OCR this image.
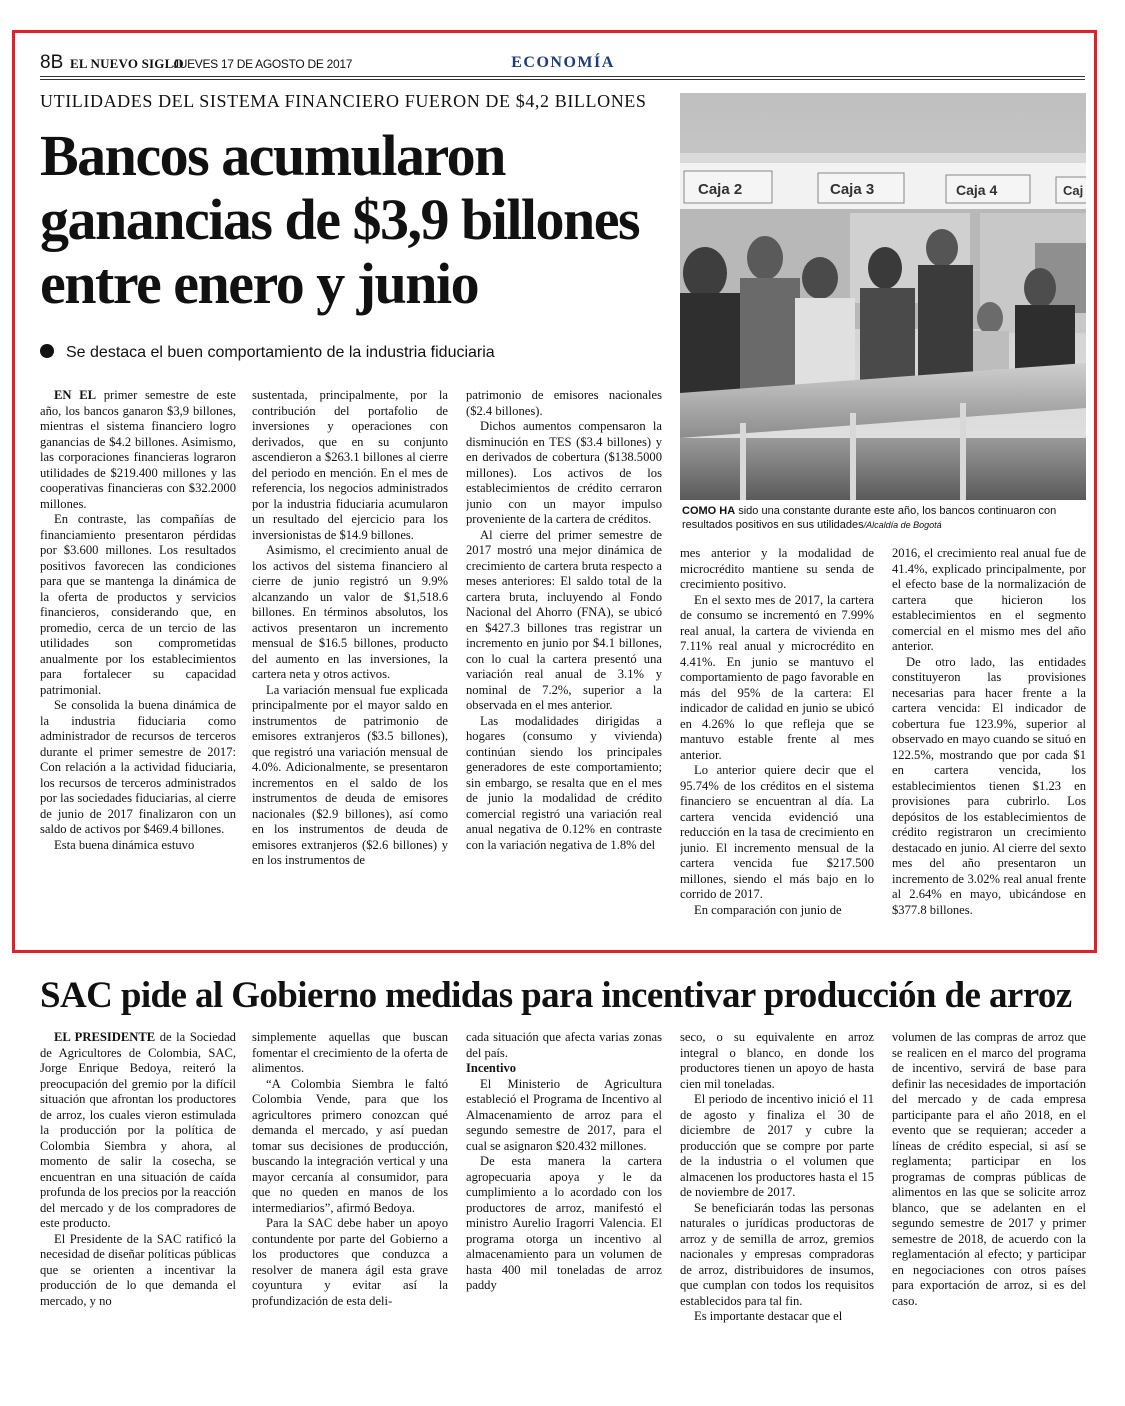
8B EL NUEVO SIGLO
JUEVES 17 DE AGOSTO DE 2017	ECONOMÍA
UTILIDADES DEL SISTEMA FINANCIERO FUERON DE $4,2 BILLONES
Bancos acumularon ganancias de $3,9 billones entre enero y junio
Se destaca el buen comportamiento de la industria fiduciaria
Caja 2	Caja 3	Caja 4	Caj
COMO HA sido una constante durante este año, los bancos continuaron con resultados positivos en sus utilidades/Alcaldía de Bogotá

EN EL primer semestre de este año, los bancos ganaron $3,9 billones, mientras el sistema financiero logro ganancias de $4.2 billones. Asimismo, las corporaciones financieras lograron utilidades de $219.400 millones y las cooperativas financieras con $32.2000 millones.

En contraste, las compañías de financiamiento presentaron pérdidas por $3.600 millones. Los resultados positivos favorecen las condiciones para que se mantenga la dinámica de la oferta de productos y servicios financieros, considerando que, en promedio, cerca de un tercio de las utilidades son comprometidas anualmente por los establecimientos para fortalecer su capacidad patrimonial.

Se consolida la buena dinámica de la industria fiduciaria como administrador de recursos de terceros durante el primer semestre de 2017: Con relación a la actividad fiduciaria, los recursos de terceros administrados por las sociedades fiduciarias, al cierre de junio de 2017 finalizaron con un saldo de activos por $469.4 billones.

Esta buena dinámica estuvo

sustentada, principalmente, por la contribución del portafolio de inversiones y operaciones con derivados, que en su conjunto ascendieron a $263.1 billones al cierre del periodo en mención. En el mes de referencia, los negocios administrados por la industria fiduciaria acumularon un resultado del ejercicio para los inversionistas de $14.9 billones.

Asimismo, el crecimiento anual de los activos del sistema financiero al cierre de junio registró un 9.9% alcanzando un valor de $1,518.6 billones. En términos absolutos, los activos presentaron un incremento mensual de $16.5 billones, producto del aumento en las inversiones, la cartera neta y otros activos.

La variación mensual fue explicada principalmente por el mayor saldo en instrumentos de patrimonio de emisores extranjeros ($3.5 billones), que registró una variación mensual de 4.0%. Adicionalmente, se presentaron incrementos en el saldo de los instrumentos de deuda de emisores nacionales ($2.9 billones), así como en los instrumentos de deuda de emisores extranjeros ($2.6 billones) y en los instrumentos de

patrimonio de emisores nacionales ($2.4 billones).

Dichos aumentos compensaron la disminución en TES ($3.4 billones) y en derivados de cobertura ($138.5000 millones). Los activos de los establecimientos de crédito cerraron junio con un mayor impulso proveniente de la cartera de créditos.

Al cierre del primer semestre de 2017 mostró una mejor dinámica de crecimiento de cartera bruta respecto a meses anteriores: El saldo total de la cartera bruta, incluyendo al Fondo Nacional del Ahorro (FNA), se ubicó en $427.3 billones tras registrar un incremento en junio por $4.1 billones, con lo cual la cartera presentó una variación real anual de 3.1% y nominal de 7.2%, superior a la observada en el mes anterior.

Las modalidades dirigidas a hogares (consumo y vivienda) continúan siendo los principales generadores de este comportamiento; sin embargo, se resalta que en el mes de junio la modalidad de crédito comercial registró una variación real anual negativa de 0.12% en contraste con la variación negativa de 1.8% del

mes anterior y la modalidad de microcrédito mantiene su senda de crecimiento positivo.

En el sexto mes de 2017, la cartera de consumo se incrementó en 7.99% real anual, la cartera de vivienda en 7.11% real anual y microcrédito en 4.41%. En junio se mantuvo el comportamiento de pago favorable en más del 95% de la cartera: El indicador de calidad en junio se ubicó en 4.26% lo que refleja que se mantuvo estable frente al mes anterior.

Lo anterior quiere decir que el 95.74% de los créditos en el sistema financiero se encuentran al día. La cartera vencida evidenció una reducción en la tasa de crecimiento en junio. El incremento mensual de la cartera vencida fue $217.500 millones, siendo el más bajo en lo corrido de 2017.

En comparación con junio de

2016, el crecimiento real anual fue de 41.4%, explicado principalmente, por el efecto base de la normalización de cartera que hicieron los establecimientos en el segmento comercial en el mismo mes del año anterior.

De otro lado, las entidades constituyeron las provisiones necesarias para hacer frente a la cartera vencida: El indicador de cobertura fue 123.9%, superior al observado en mayo cuando se situó en 122.5%, mostrando que por cada $1 en cartera vencida, los establecimientos tienen $1.23 en provisiones para cubrirlo. Los depósitos de los establecimientos de crédito registraron un crecimiento destacado en junio. Al cierre del sexto mes del año presentaron un incremento de 3.02% real anual frente al 2.64% en mayo, ubicándose en $377.8 billones.

SAC pide al Gobierno medidas para incentivar producción de arroz

EL PRESIDENTE de la Sociedad de Agricultores de Colombia, SAC, Jorge Enrique Bedoya, reiteró la preocupación del gremio por la difícil situación que afrontan los productores de arroz, los cuales vieron estimulada la producción por la política de Colombia Siembra y ahora, al momento de salir la cosecha, se encuentran en una situación de caída profunda de los precios por la reacción del mercado y de los compradores de este producto.

El Presidente de la SAC ratificó la necesidad de diseñar políticas públicas que se orienten a incentivar la producción de lo que demanda el mercado, y no

simplemente aquellas que buscan fomentar el crecimiento de la oferta de alimentos.

“A Colombia Siembra le faltó Colombia Vende, para que los agricultores primero conozcan qué demanda el mercado, y así puedan tomar sus decisiones de producción, buscando la integración vertical y una mayor cercanía al consumidor, para que no queden en manos de los intermediarios”, afirmó Bedoya.

Para la SAC debe haber un apoyo contundente por parte del Gobierno a los productores que conduzca a resolver de manera ágil esta grave coyuntura y evitar así la profundización de esta deli-

cada situación que afecta varias zonas del país.

Incentivo

El Ministerio de Agricultura estableció el Programa de Incentivo al Almacenamiento de arroz para el segundo semestre de 2017, para el cual se asignaron $20.432 millones.

De esta manera la cartera agropecuaria apoya y le da cumplimiento a lo acordado con los productores de arroz, manifestó el ministro Aurelio Iragorri Valencia. El programa otorga un incentivo al almacenamiento para un volumen de hasta 400 mil toneladas de arroz paddy

seco, o su equivalente en arroz integral o blanco, en donde los productores tienen un apoyo de hasta cien mil toneladas.

El periodo de incentivo inició el 11 de agosto y finaliza el 30 de diciembre de 2017 y cubre la producción que se compre por parte de la industria o el volumen que almacenen los productores hasta el 15 de noviembre de 2017.

Se beneficiarán todas las personas naturales o jurídicas productoras de arroz y de semilla de arroz, gremios nacionales y empresas compradoras de arroz, distribuidores de insumos, que cumplan con todos los requisitos establecidos para tal fin.

Es importante destacar que el

volumen de las compras de arroz que se realicen en el marco del programa de incentivo, servirá de base para definir las necesidades de importación del mercado y de cada empresa participante para el año 2018, en el evento que se requieran; acceder a líneas de crédito especial, si así se reglamenta; participar en los programas de compras públicas de alimentos en las que se solicite arroz blanco, que se adelanten en el segundo semestre de 2017 y primer semestre de 2018, de acuerdo con la reglamentación al efecto; y participar en negociaciones con otros países para exportación de arroz, si es del caso.
